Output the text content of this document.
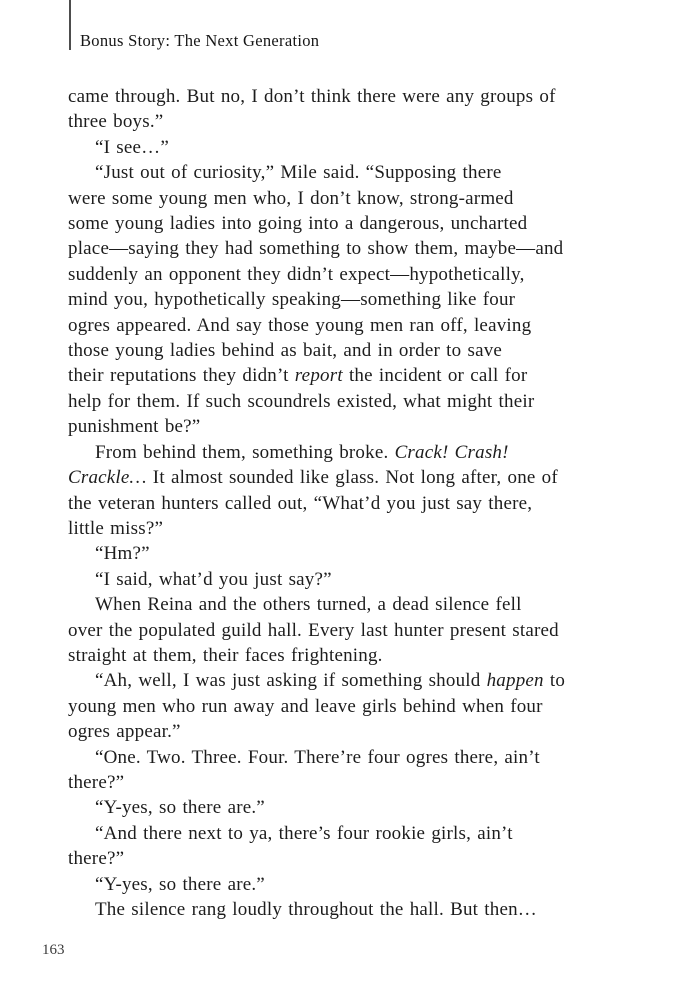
Bonus Story: The Next Generation
came through. But no, I don’t think there were any groups of
three boys.”
“I see…”
“Just out of curiosity,” Mile said. “Supposing there
were some young men who, I don’t know, strong-armed
some young ladies into going into a dangerous, uncharted
place—saying they had something to show them, maybe—and
suddenly an opponent they didn’t expect—hypothetically,
mind you, hypothetically speaking—something like four
ogres appeared. And say those young men ran off, leaving
those young ladies behind as bait, and in order to save
their reputations they didn’t report the incident or call for
help for them. If such scoundrels existed, what might their
punishment be?”
From behind them, something broke. Crack! Crash!
Crackle… It almost sounded like glass. Not long after, one of
the veteran hunters called out, “What’d you just say there,
little miss?”
“Hm?”
“I said, what’d you just say?”
When Reina and the others turned, a dead silence fell
over the populated guild hall. Every last hunter present stared
straight at them, their faces frightening.
“Ah, well, I was just asking if something should happen to
young men who run away and leave girls behind when four
ogres appear.”
“One. Two. Three. Four. There’re four ogres there, ain’t
there?”
“Y-yes, so there are.”
“And there next to ya, there’s four rookie girls, ain’t
there?”
“Y-yes, so there are.”
The silence rang loudly throughout the hall. But then…
163
